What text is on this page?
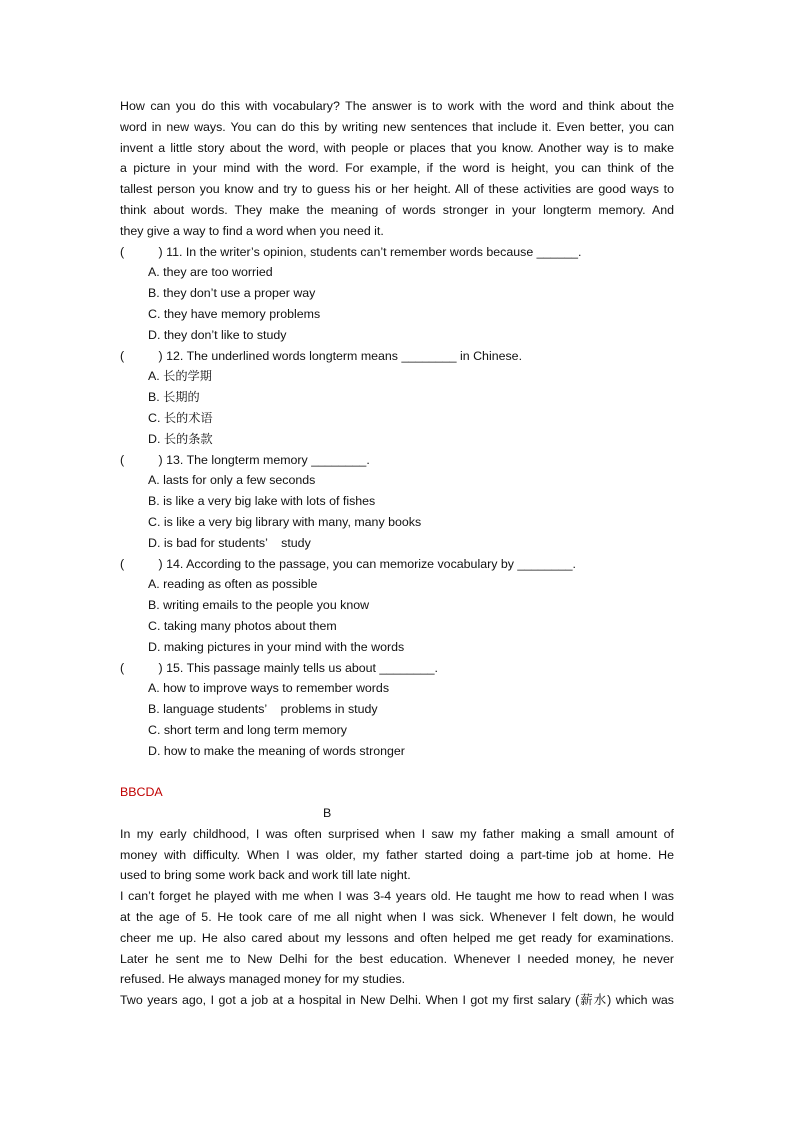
How can you do this with vocabulary? The answer is to work with the word and think about the
word in new ways. You can do this by writing new sentences that include it. Even better, you can
invent a little story about the word, with people or places that you know. Another way is to make
a picture in your mind with the word. For example, if the word is height, you can think of the
tallest person you know and try to guess his or her height. All of these activities are good ways to
think about words. They make the meaning of words stronger in your longterm memory. And
they give a way to find a word when you need it.
(          ) 11. In the writer’s opinion, students can’t remember words because ______.
A. they are too worried
B. they don’t use a proper way
C. they have memory problems
D. they don’t like to study
(          ) 12. The underlined words longterm means ________ in Chinese.
A. 长的学期
B. 长期的
C. 长的术语
D. 长的条款
(          ) 13. The longterm memory ________.
A. lasts for only a few seconds
B. is like a very big lake with lots of fishes
C. is like a very big library with many, many books
D. is bad for students’    study
(          ) 14. According to the passage, you can memorize vocabulary by ________.
A. reading as often as possible
B. writing emails to the people you know
C. taking many photos about them
D. making pictures in your mind with the words
(          ) 15. This passage mainly tells us about ________.
A. how to improve ways to remember words
B. language students’    problems in study
C. short term and long term memory
D. how to make the meaning of words stronger
BBCDA
B
In my early childhood, I was often surprised when I saw my father making a small amount of
money with difficulty. When I was older, my father started doing a part-time job at home. He
used to bring some work back and work till late night.
I can’t forget he played with me when I was 3-4 years old. He taught me how to read when I was
at the age of 5. He took care of me all night when I was sick. Whenever I felt down, he would
cheer me up. He also cared about my lessons and often helped me get ready for examinations.
Later he sent me to New Delhi for the best education. Whenever I needed money, he never
refused. He always managed money for my studies.
Two years ago, I got a job at a hospital in New Delhi. When I got my first salary (薪水) which was
